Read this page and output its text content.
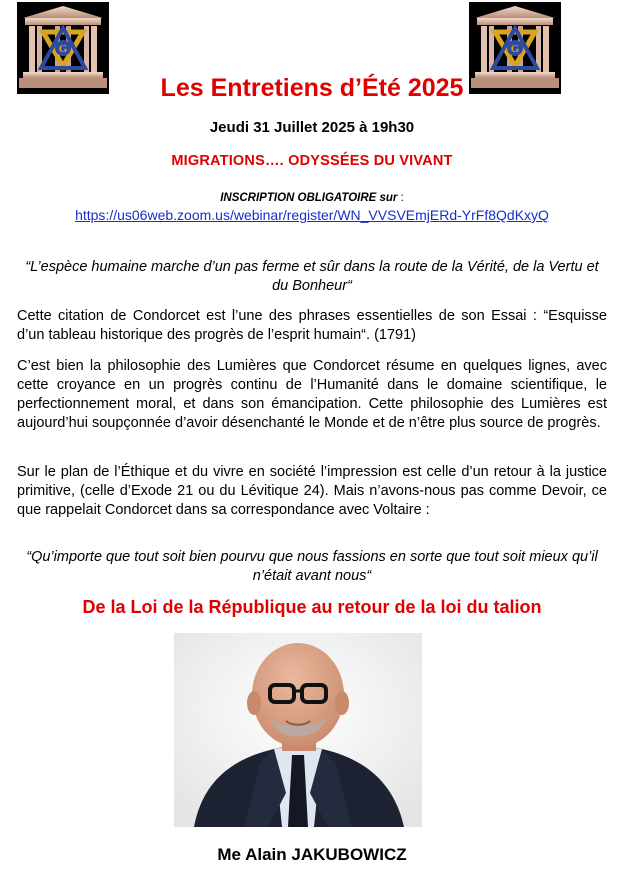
G	G
Les Entretiens d’Été 2025
Jeudi 31 Juillet 2025 à 19h30
MIGRATIONS…. ODYSSÉES DU VIVANT
INSCRIPTION OBLIGATOIRE sur :
https://us06web.zoom.us/webinar/register/WN_VVSVEmjERd-YrFf8QdKxyQ
“L’espèce humaine marche d’un pas ferme et sûr dans la route de la Vérité, de la Vertu et du Bonheur“

Cette citation de Condorcet est l’une des phrases essentielles de son Essai : “Esquisse d’un tableau historique des progrès de l’esprit humain“. (1791)

C’est bien la philosophie des Lumières que Condorcet résume en quelques lignes, avec cette croyance en un progrès continu de l’Humanité dans le domaine scientifique, le perfectionnement moral, et dans son émancipation. Cette philosophie des Lumières est aujourd’hui soupçonnée d’avoir désenchanté le Monde et de n’être plus source de progrès.

Sur le plan de l’Éthique et du vivre en société l’impression est celle d’un retour à la justice primitive, (celle d’Exode 21 ou du Lévitique 24). Mais n’avons-nous pas comme Devoir, ce que rappelait Condorcet dans sa correspondance avec Voltaire :

“Qu’importe que tout soit bien pourvu que nous fassions en sorte que tout soit mieux qu’il n’était avant nous“
De la Loi de la République au retour de la loi du talion
Me Alain JAKUBOWICZ
